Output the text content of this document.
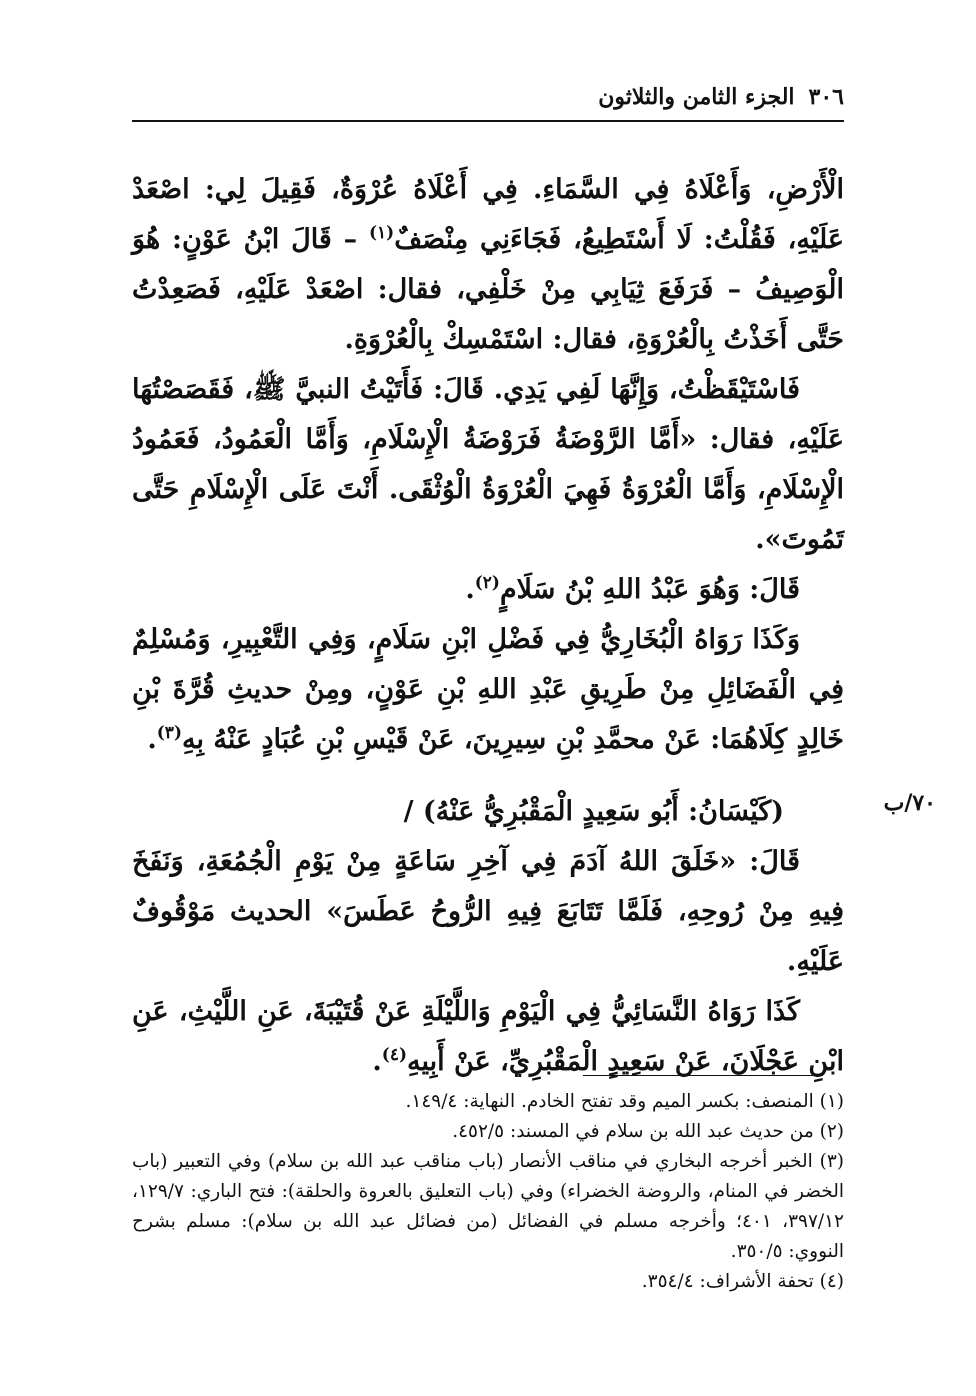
٣٠٦
الجزء الثامن والثلاثون
٧٠/ب

الْأَرْضِ، وَأَعْلَاهُ فِي السَّمَاءِ. فِي أَعْلَاهُ عُرْوَةٌ، فَقِيلَ لِي: اصْعَدْ عَلَيْهِ، فَقُلْتُ: لَا أَسْتَطِيعُ، فَجَاءَنِي مِنْصَفٌ$^{(١)}$ – قَالَ ابْنُ عَوْنٍ: هُوَ الْوَصِيفُ – فَرَفَعَ ثِيَابِي مِنْ خَلْفِي، فقال: اصْعَدْ عَلَيْهِ، فَصَعِدْتُ حَتَّى أَخَذْتُ بِالْعُرْوَةِ، فقال: اسْتَمْسِكْ بِالْعُرْوَةِ.

فَاسْتَيْقَظْتُ، وَإِنَّهَا لَفِي يَدِي. قَالَ: فَأَتَيْتُ النبيَّ ﷺ، فَقَصَصْتُهَا عَلَيْهِ، فقال: «أَمَّا الرَّوْضَةُ فَرَوْضَةُ الْإِسْلَامِ، وَأَمَّا الْعَمُودُ، فَعَمُودُ الْإِسْلَامِ، وَأَمَّا الْعُرْوَةُ فَهِيَ الْعُرْوَةُ الْوُثْقَى. أَنْتَ عَلَى الْإِسْلَامِ حَتَّى تَمُوتَ».

قَالَ: وَهُوَ عَبْدُ اللهِ بْنُ سَلَامٍ$^{(٢)}$.

وَكَذَا رَوَاهُ الْبُخَارِيُّ فِي فَضْلِ ابْنِ سَلَامٍ، وَفِي التَّعْبِيرِ، وَمُسْلِمٌ فِي الْفَضَائِلِ مِنْ طَرِيقِ عَبْدِ اللهِ بْنِ عَوْنٍ، ومِنْ حديثِ قُرَّةَ بْنِ خَالِدٍ كِلَاهُمَا: عَنْ محمَّدِ بْنِ سِيرِينَ، عَنْ قَيْسِ بْنِ عُبَادٍ عَنْهُ بِهِ$^{(٣)}$.

(كَيْسَانُ: أَبُو سَعِيدٍ الْمَقْبُرِيُّ عَنْهُ) /

قَالَ: «خَلَقَ اللهُ آدَمَ فِي آخِرِ سَاعَةٍ مِنْ يَوْمِ الْجُمُعَةِ، وَنَفَخَ فِيهِ مِنْ رُوحِهِ، فَلَمَّا تَتَابَعَ فِيهِ الرُّوحُ عَطَسَ» الحديث مَوْقُوفٌ عَلَيْهِ.

كَذَا رَوَاهُ النَّسَائِيُّ فِي الْيَوْمِ وَاللَّيْلَةِ عَنْ قُتَيْبَةَ، عَنِ اللَّيْثِ، عَنِ ابْنِ عَجْلَانَ، عَنْ سَعِيدٍ الْمَقْبُرِيِّ، عَنْ أَبِيهِ$^{(٤)}$.

(١) المنصف: بكسر الميم وقد تفتح الخادم. النهاية: ١٤٩/٤.

(٢) من حديث عبد الله بن سلام في المسند: ٤٥٢/٥.

(٣) الخبر أخرجه البخاري في مناقب الأنصار (باب مناقب عبد الله بن سلام) وفي التعبير (باب الخضر في المنام، والروضة الخضراء) وفي (باب التعليق بالعروة والحلقة): فتح الباري: ١٢٩/٧، ٣٩٧/١٢، ٤٠١؛ وأخرجه مسلم في الفضائل (من فضائل عبد الله بن سلام): مسلم بشرح النووي: ٣٥٠/٥.

(٤) تحفة الأشراف: ٣٥٤/٤.
